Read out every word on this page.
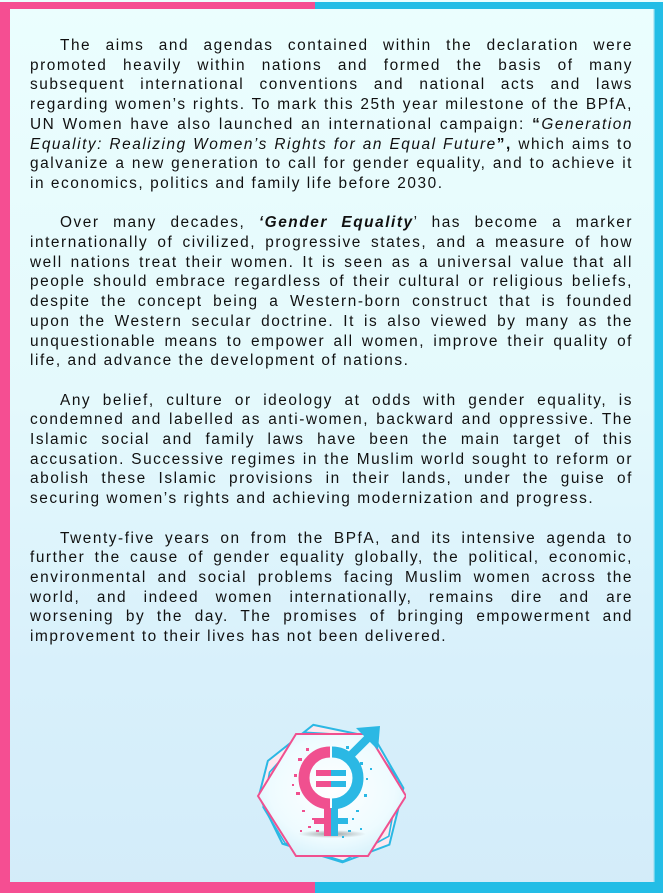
The aims and agendas contained within the declaration were promoted heavily within nations and formed the basis of many subsequent international conventions and national acts and laws regarding women’s rights. To mark this 25th year milestone of the BPfA, UN Women have also launched an international campaign: “Generation Equality: Realizing Women’s Rights for an Equal Future”, which aims to galvanize a new generation to call for gender equality, and to achieve it in economics, politics and family life before 2030.

Over many decades, ‘Gender Equality’ has become a marker internationally of civilized, progressive states, and a measure of how well nations treat their women. It is seen as a universal value that all people should embrace regardless of their cultural or religious beliefs, despite the concept being a Western-born construct that is founded upon the Western secular doctrine. It is also viewed by many as the unquestionable means to empower all women, improve their quality of life, and advance the development of nations.

Any belief, culture or ideology at odds with gender equality, is condemned and labelled as anti-women, backward and oppressive. The Islamic social and family laws have been the main target of this accusation. Successive regimes in the Muslim world sought to reform or abolish these Islamic provisions in their lands, under the guise of securing women’s rights and achieving modernization and progress.

Twenty-five years on from the BPfA, and its intensive agenda to further the cause of gender equality globally, the political, economic, environmental and social problems facing Muslim women across the world, and indeed women internationally, remains dire and are worsening by the day. The promises of bringing empowerment and improvement to their lives has not been delivered.
